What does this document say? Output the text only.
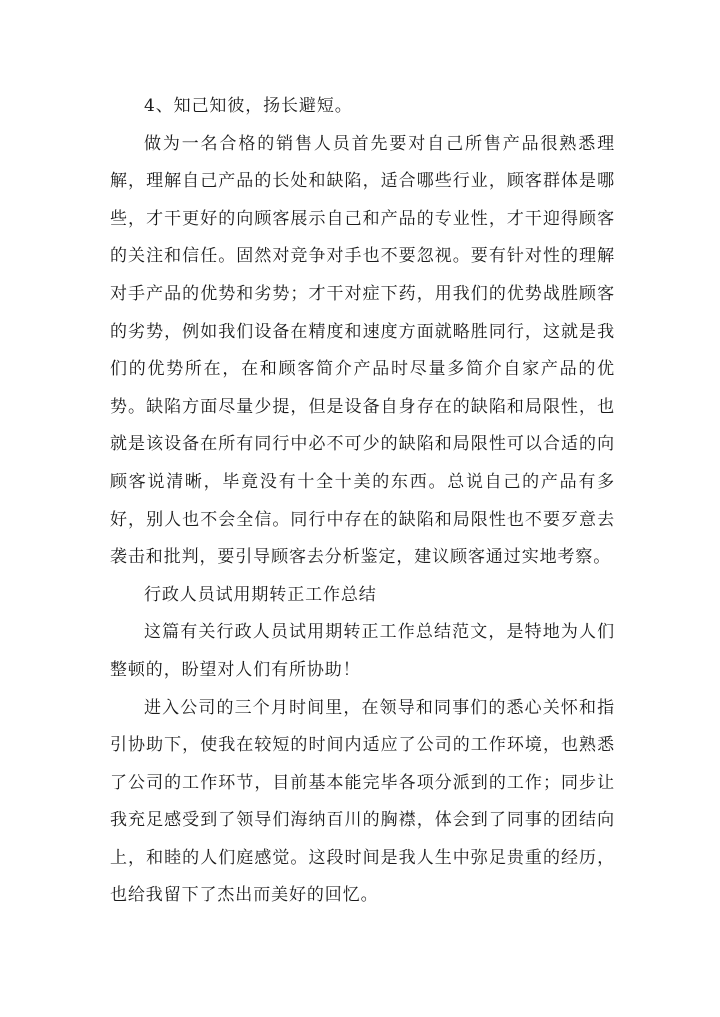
4、知己知彼，扬长避短。

做为一名合格的销售人员首先要对自己所售产品很熟悉理解，理解自己产品的长处和缺陷，适合哪些行业，顾客群体是哪些，才干更好的向顾客展示自己和产品的专业性，才干迎得顾客的关注和信任。固然对竞争对手也不要忽视。要有针对性的理解对手产品的优势和劣势；才干对症下药，用我们的优势战胜顾客的劣势，例如我们设备在精度和速度方面就略胜同行，这就是我们的优势所在，在和顾客简介产品时尽量多简介自家产品的优势。缺陷方面尽量少提，但是设备自身存在的缺陷和局限性，也就是该设备在所有同行中必不可少的缺陷和局限性可以合适的向顾客说清晰，毕竟没有十全十美的东西。总说自己的产品有多好，别人也不会全信。同行中存在的缺陷和局限性也不要歹意去袭击和批判，要引导顾客去分析鉴定，建议顾客通过实地考察。

行政人员试用期转正工作总结

这篇有关行政人员试用期转正工作总结范文，是特地为人们整顿的，盼望对人们有所协助！

进入公司的三个月时间里，在领导和同事们的悉心关怀和指引协助下，使我在较短的时间内适应了公司的工作环境，也熟悉了公司的工作环节，目前基本能完毕各项分派到的工作；同步让我充足感受到了领导们海纳百川的胸襟，体会到了同事的团结向上，和睦的人们庭感觉。这段时间是我人生中弥足贵重的经历，也给我留下了杰出而美好的回忆。
